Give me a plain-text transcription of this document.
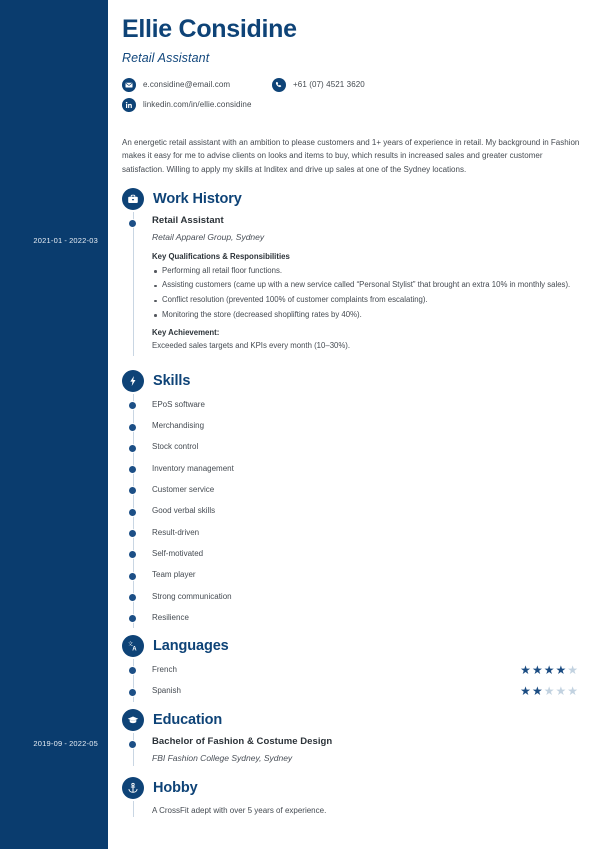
2021-01 - 2022-03
2019-09 - 2022-05
Ellie Considine
Retail Assistant
e.considine@email.com	+61 (07) 4521 3620
linkedin.com/in/ellie.considine
An energetic retail assistant with an ambition to please customers and 1+ years of experience in retail. My background in Fashion makes it easy for me to advise clients on looks and items to buy, which results in increased sales and greater customer satisfaction. Willing to apply my skills at Inditex and drive up sales at one of the Sydney locations.
Work History
Retail Assistant
Retail Apparel Group, Sydney
Key Qualifications & Responsibilities
Performing all retail floor functions.
Assisting customers (came up with a new service called “Personal Stylist” that brought an extra 10% in monthly sales).
Conflict resolution (prevented 100% of customer complaints from escalating).
Monitoring the store (decreased shoplifting rates by 40%).
Key Achievement:
Exceeded sales targets and KPIs every month (10–30%).
Skills
EPoS software
Merchandising
Stock control
Inventory management
Customer service
Good verbal skills
Result-driven
Self-motivated
Team player
Strong communication
Resilience
文
A Languages
French	★ ★ ★ ★ ★
Spanish	★ ★ ★ ★ ★
Education
Bachelor of Fashion & Costume Design
FBI Fashion College Sydney, Sydney
Hobby
A CrossFit adept with over 5 years of experience.
